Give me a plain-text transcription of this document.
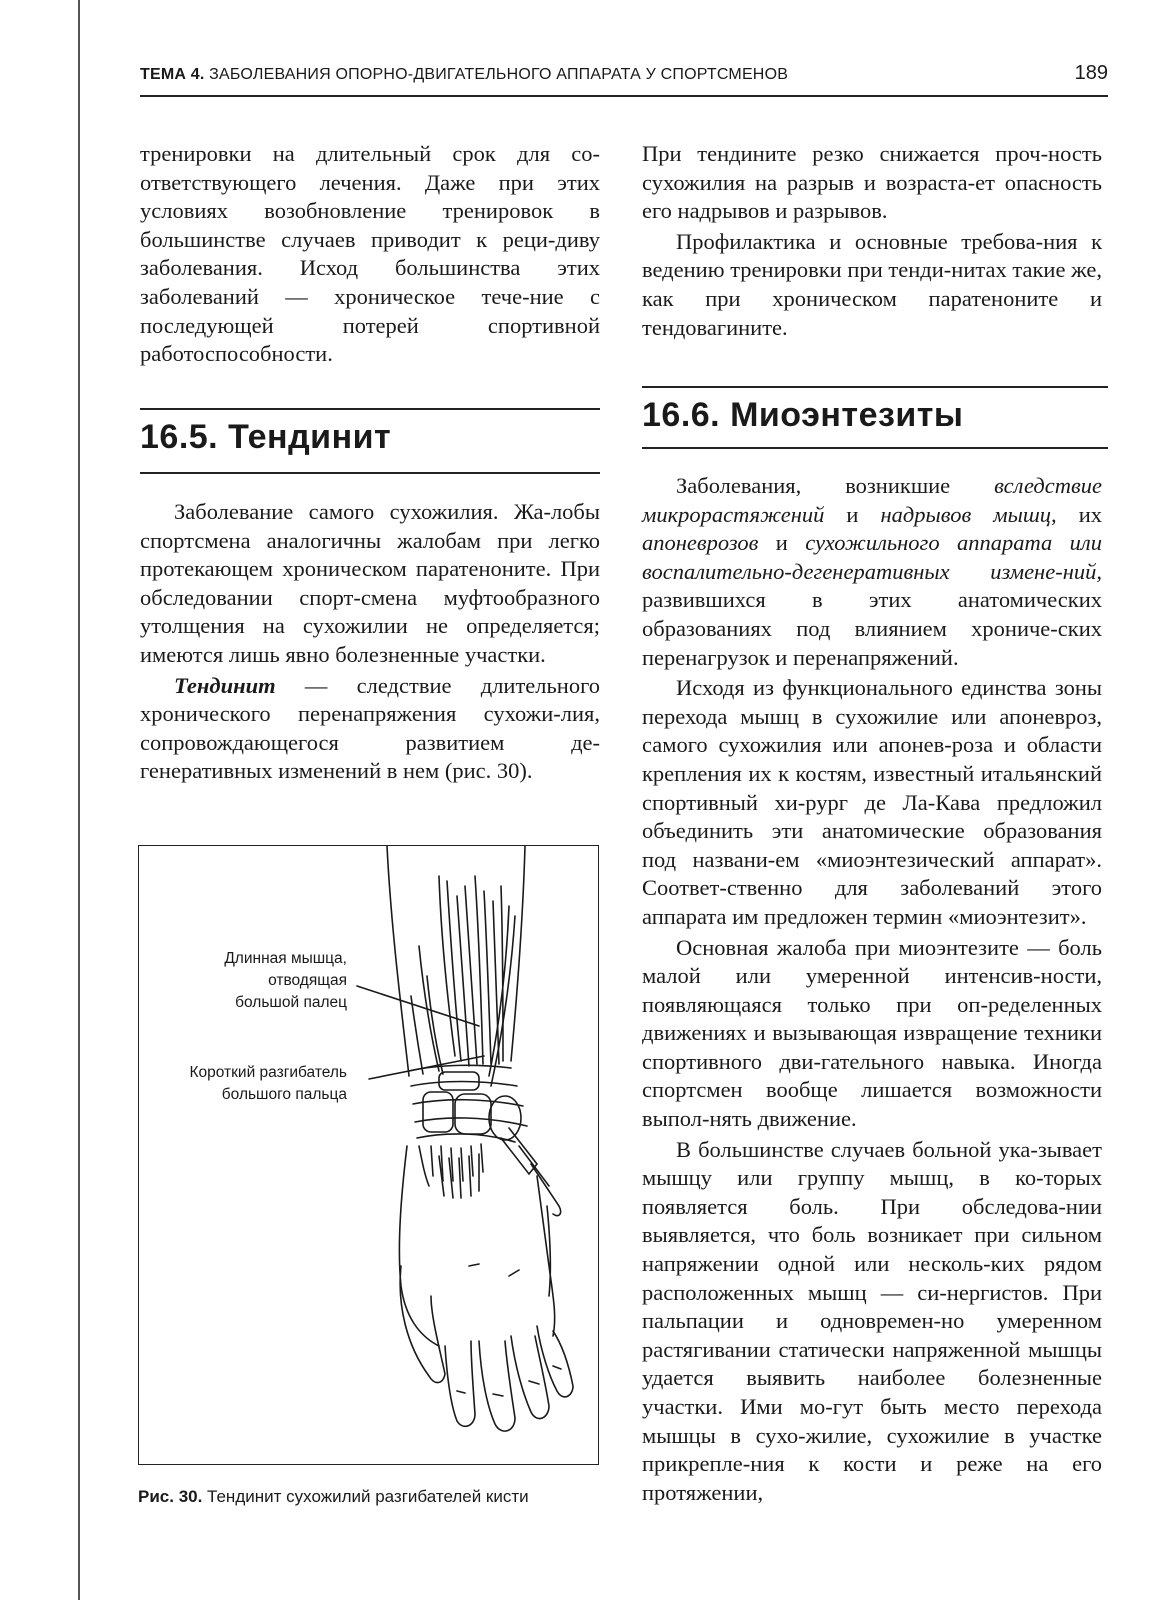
ТЕМА 4. ЗАБОЛЕВАНИЯ ОПОРНО-ДВИГАТЕЛЬНОГО АППАРАТА У СПОРТСМЕНОВ	189

тренировки на длительный срок для со-ответствующего лечения. Даже при этих условиях возобновление тренировок в большинстве случаев приводит к реци-диву заболевания. Исход большинства этих заболеваний — хроническое тече-ние с последующей потерей спортивной работоспособности.

16.5. Тендинит

Заболевание самого сухожилия. Жа-лобы спортсмена аналогичны жалобам при легко протекающем хроническом паратеноните. При обследовании спорт-смена муфтообразного утолщения на сухожилии не определяется; имеются лишь явно болезненные участки.

Тендинит — следствие длительного хронического перенапряжения сухожи-лия, сопровождающегося развитием де-генеративных изменений в нем (рис. 30).

Длинная мышца,
отводящая
большой палец
Короткий разгибатель
большого пальца
Рис. 30. Тендинит сухожилий разгибателей кисти

При тендините резко снижается проч-ность сухожилия на разрыв и возраста-ет опасность его надрывов и разрывов.

Профилактика и основные требова-ния к ведению тренировки при тенди-нитах такие же, как при хроническом паратеноните и тендовагините.

16.6. Миоэнтезиты

Заболевания, возникшие вследствие микрорастяжений и надрывов мышц, их апоневрозов и сухожильного аппарата или воспалительно-дегенеративных измене-ний, развившихся в этих анатомических образованиях под влиянием хрониче-ских перенагрузок и перенапряжений.

Исходя из функционального единства зоны перехода мышц в сухожилие или апоневроз, самого сухожилия или апонев-роза и области крепления их к костям, известный итальянский спортивный хи-рург де Ла-Кава предложил объединить эти анатомические образования под названи-ем «миоэнтезический аппарат». Соответ-ственно для заболеваний этого аппарата им предложен термин «миоэнтезит».

Основная жалоба при миоэнтезите — боль малой или умеренной интенсив-ности, появляющаяся только при оп-ределенных движениях и вызывающая извращение техники спортивного дви-гательного навыка. Иногда спортсмен вообще лишается возможности выпол-нять движение.

В большинстве случаев больной ука-зывает мышцу или группу мышц, в ко-торых появляется боль. При обследова-нии выявляется, что боль возникает при сильном напряжении одной или несколь-ких рядом расположенных мышц — си-нергистов. При пальпации и одновремен-но умеренном растягивании статически напряженной мышцы удается выявить наиболее болезненные участки. Ими мо-гут быть место перехода мышцы в сухо-жилие, сухожилие в участке прикрепле-ния к кости и реже на его протяжении,
